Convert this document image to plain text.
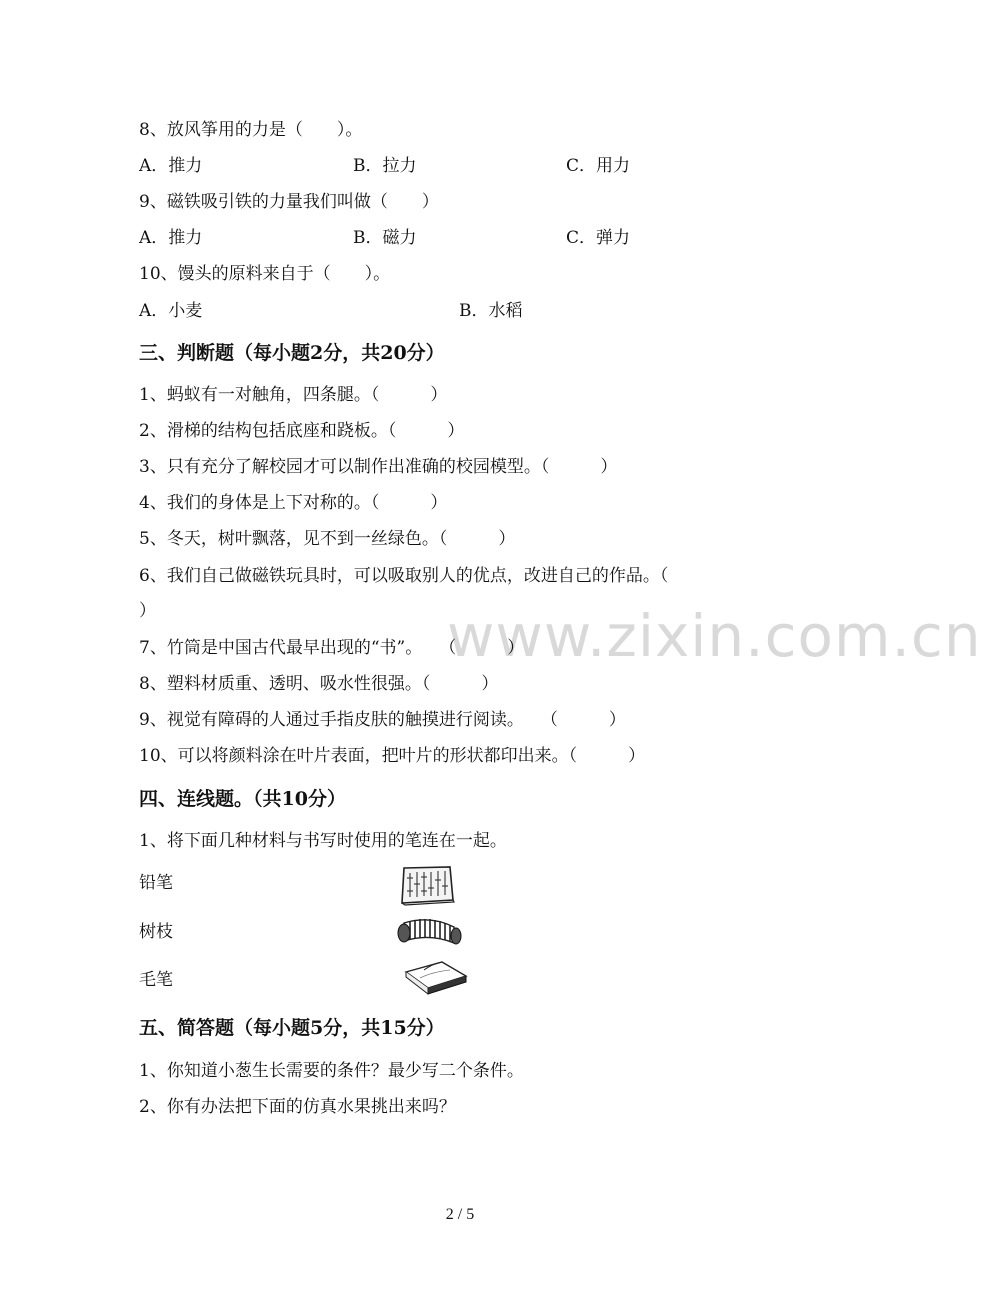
www.zixin.com.cn
8、放风筝用的力是（　　）。
A．推力	B．拉力	C．用力
9、磁铁吸引铁的力量我们叫做（　　）
A．推力	B．磁力	C．弹力
10、馒头的原料来自于（　　）。
A．小麦	B．水稻
三、判断题（每小题2分，共20分）
1、蚂蚁有一对触角，四条腿。（　　　）
2、滑梯的结构包括底座和跷板。（　　　）
3、只有充分了解校园才可以制作出准确的校园模型。（　　　）
4、我们的身体是上下对称的。（　　　）
5、冬天，树叶飘落，见不到一丝绿色。（　　　）
6、我们自己做磁铁玩具时，可以吸取别人的优点，改进自己的作品。（
）
7、竹筒是中国古代最早出现的“书”。　　（　　　）
8、塑料材质重、透明、吸水性很强。（　　　）
9、视觉有障碍的人通过手指皮肤的触摸进行阅读。　　（　　　）
10、可以将颜料涂在叶片表面，把叶片的形状都印出来。（　　　）
四、连线题。（共10分）
1、将下面几种材料与书写时使用的笔连在一起。
铅笔
树枝
毛笔
五、简答题（每小题5分，共15分）
1、你知道小葱生长需要的条件？最少写二个条件。
2、你有办法把下面的仿真水果挑出来吗？
2 / 5
